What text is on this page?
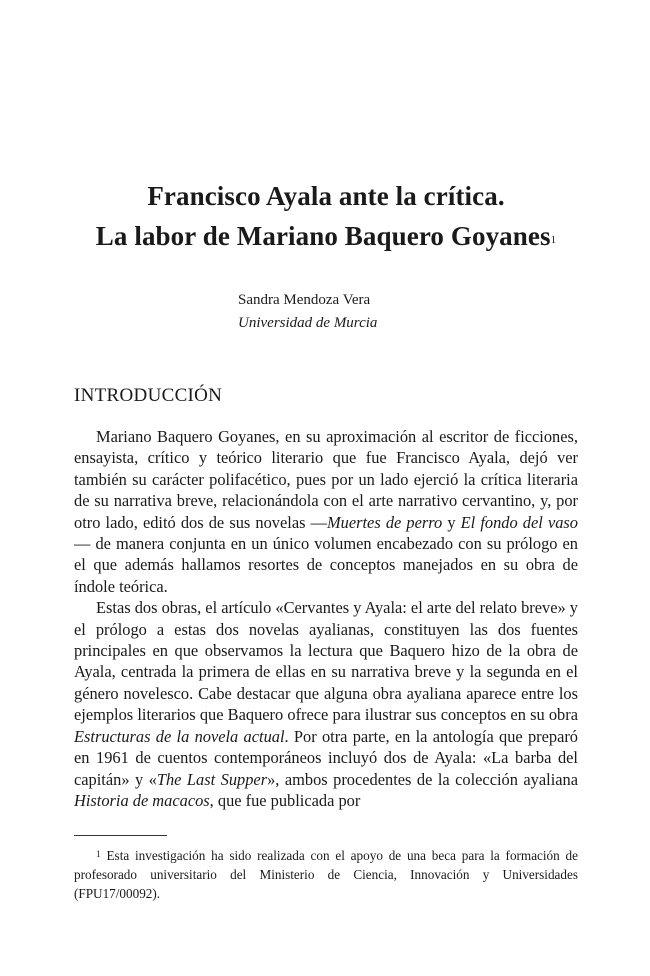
Francisco Ayala ante la crítica.
La labor de Mariano Baquero Goyanes$^1$
Sandra Mendoza Vera
Universidad de Murcia
INTRODUCCIÓN

Mariano Baquero Goyanes, en su aproximación al escritor de ficciones, ensayista, crítico y teórico literario que fue Francisco Ayala, dejó ver también su carácter polifacético, pues por un lado ejerció la crítica literaria de su narrativa breve, relacionándola con el arte narrativo cervantino, y, por otro lado, editó dos de sus novelas —Muertes de perro y El fondo del vaso— de manera conjunta en un único volumen encabezado con su prólogo en el que además hallamos resortes de conceptos manejados en su obra de índole teórica.

Estas dos obras, el artículo «Cervantes y Ayala: el arte del relato breve» y el prólogo a estas dos novelas ayalianas, constituyen las dos fuentes principales en que observamos la lectura que Baquero hizo de la obra de Ayala, centrada la primera de ellas en su narrativa breve y la segunda en el género novelesco. Cabe destacar que alguna obra ayaliana aparece entre los ejemplos literarios que Baquero ofrece para ilustrar sus conceptos en su obra Estructuras de la novela actual. Por otra parte, en la antología que preparó en 1961 de cuentos contemporáneos incluyó dos de Ayala: «La barba del capitán» y «The Last Supper», ambos procedentes de la colección ayaliana Historia de macacos, que fue publicada por

$^1$ Esta investigación ha sido realizada con el apoyo de una beca para la formación de profesorado universitario del Ministerio de Ciencia, Innovación y Universidades (FPU17/00092).
